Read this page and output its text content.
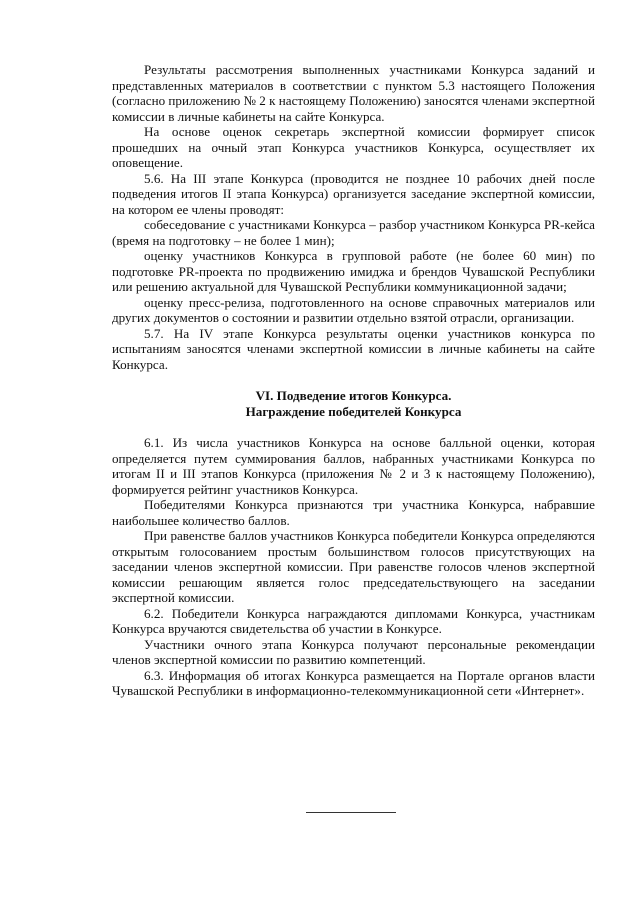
Результаты рассмотрения выполненных участниками Конкурса заданий и представленных материалов в соответствии с пунктом 5.3 настоящего Положения (согласно приложению № 2 к настоящему Положению) заносятся членами экспертной комиссии в личные кабинеты на сайте Конкурса.

На основе оценок секретарь экспертной комиссии формирует список прошедших на очный этап Конкурса участников Конкурса, осуществляет их оповещение.

5.6. На III этапе Конкурса (проводится не позднее 10 рабочих дней после подведения итогов II этапа Конкурса) организуется заседание экспертной комиссии, на котором ее члены проводят:

собеседование с участниками Конкурса – разбор участником Конкурса PR-кейса (время на подготовку – не более 1 мин);

оценку участников Конкурса в групповой работе (не более 60 мин) по подготовке PR-проекта по продвижению имиджа и брендов Чувашской Республики или решению актуальной для Чувашской Республики коммуникационной задачи;

оценку пресс-релиза, подготовленного на основе справочных материалов или других документов о состоянии и развитии отдельно взятой отрасли, организации.

5.7. На IV этапе Конкурса результаты оценки участников конкурса по испытаниям заносятся членами экспертной комиссии в личные кабинеты на сайте Конкурса.

VI. Подведение итогов Конкурса.
Награждение победителей Конкурса

6.1. Из числа участников Конкурса на основе балльной оценки, которая определяется путем суммирования баллов, набранных участниками Конкурса по итогам II и III этапов Конкурса (приложения № 2 и 3 к настоящему Положению), формируется рейтинг участников Конкурса.

Победителями Конкурса признаются три участника Конкурса, набравшие наибольшее количество баллов.

При равенстве баллов участников Конкурса победители Конкурса определяются открытым голосованием простым большинством голосов присутствующих на заседании членов экспертной комиссии. При равенстве голосов членов экспертной комиссии решающим является голос председательствующего на заседании экспертной комиссии.

6.2. Победители Конкурса награждаются дипломами Конкурса, участникам Конкурса вручаются свидетельства об участии в Конкурсе.

Участники очного этапа Конкурса получают персональные рекомендации членов экспертной комиссии по развитию компетенций.

6.3. Информация об итогах Конкурса размещается на Портале органов власти Чувашской Республики в информационно-телекоммуникационной сети «Интернет».
